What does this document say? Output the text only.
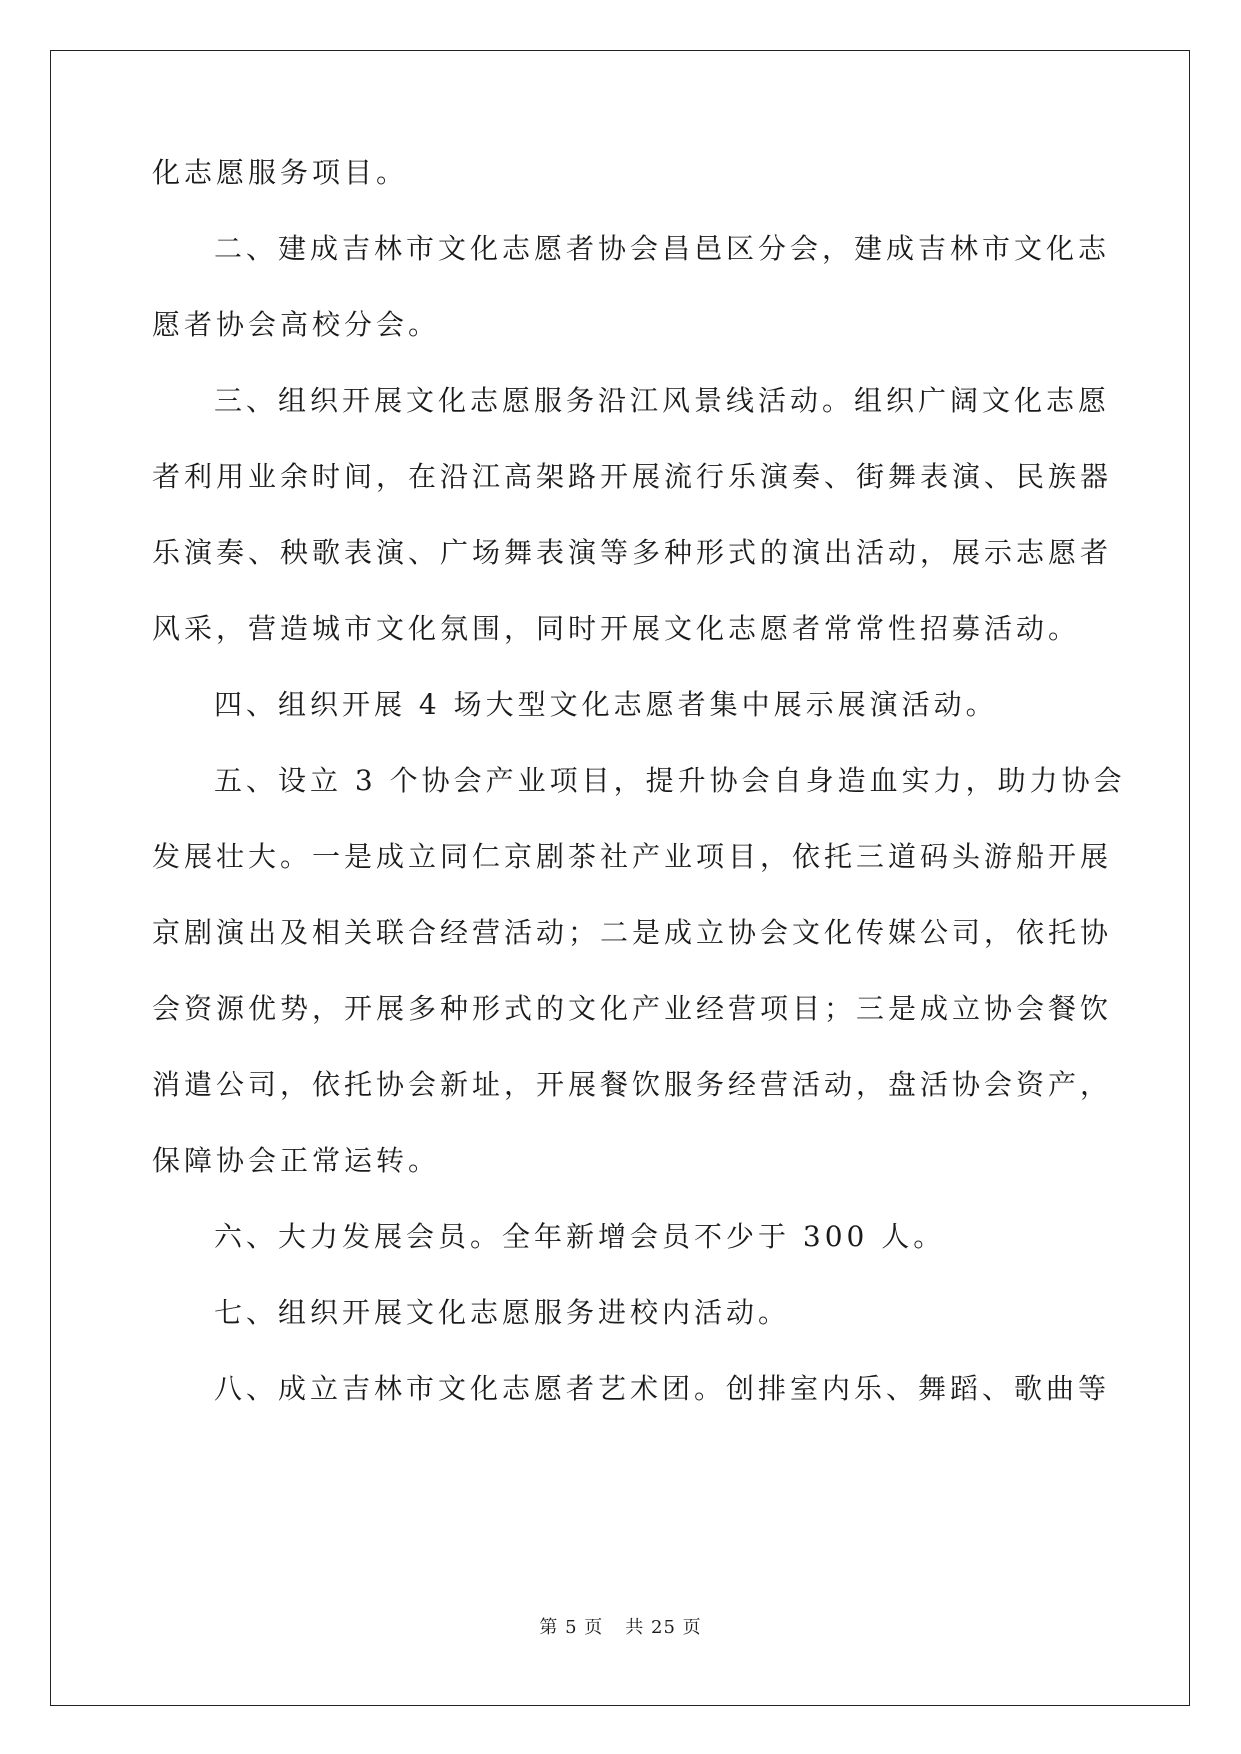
化志愿服务项目。
二、建成吉林市文化志愿者协会昌邑区分会，建成吉林市文化志
愿者协会高校分会。
三、组织开展文化志愿服务沿江风景线活动。组织广阔文化志愿
者利用业余时间，在沿江高架路开展流行乐演奏、街舞表演、民族器
乐演奏、秧歌表演、广场舞表演等多种形式的演出活动，展示志愿者
风采，营造城市文化氛围，同时开展文化志愿者常常性招募活动。
四、组织开展 4 场大型文化志愿者集中展示展演活动。
五、设立 3 个协会产业项目，提升协会自身造血实力，助力协会
发展壮大。一是成立同仁京剧茶社产业项目，依托三道码头游船开展
京剧演出及相关联合经营活动；二是成立协会文化传媒公司，依托协
会资源优势，开展多种形式的文化产业经营项目；三是成立协会餐饮
消遣公司，依托协会新址，开展餐饮服务经营活动，盘活协会资产，
保障协会正常运转。
六、大力发展会员。全年新增会员不少于 300 人。
七、组织开展文化志愿服务进校内活动。
八、成立吉林市文化志愿者艺术团。创排室内乐、舞蹈、歌曲等
第 5 页 共 25 页
